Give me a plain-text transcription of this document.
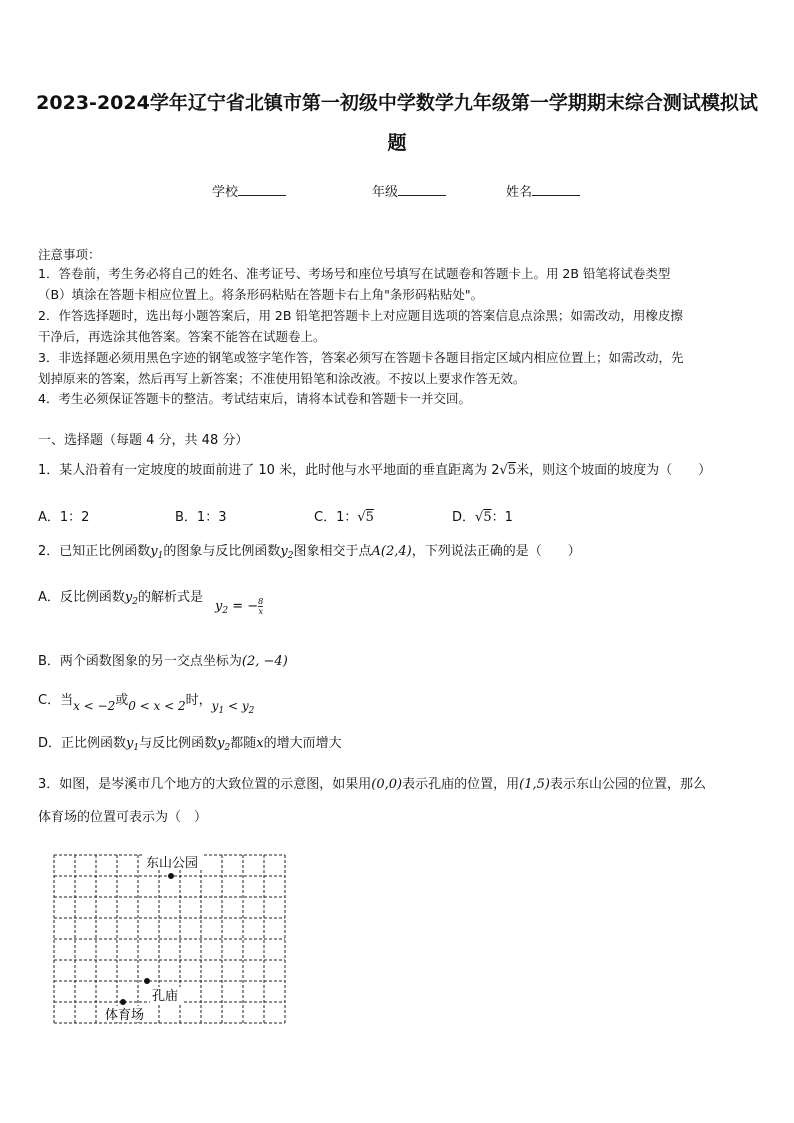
2023-2024学年辽宁省北镇市第一初级中学数学九年级第一学期期末综合测试模拟试
题
学校	年级	姓名
注意事项：
1．答卷前，考生务必将自己的姓名、准考证号、考场号和座位号填写在试题卷和答题卡上。用 2B 铅笔将试卷类型
（B）填涂在答题卡相应位置上。将条形码粘贴在答题卡右上角"条形码粘贴处"。
2．作答选择题时，选出每小题答案后，用 2B 铅笔把答题卡上对应题目选项的答案信息点涂黑；如需改动，用橡皮擦
干净后，再选涂其他答案。答案不能答在试题卷上。
3．非选择题必须用黑色字迹的钢笔或签字笔作答，答案必须写在答题卡各题目指定区域内相应位置上；如需改动，先
划掉原来的答案，然后再写上新答案；不准使用铅笔和涂改液。不按以上要求作答无效。
4．考生必须保证答题卡的整洁。考试结束后，请将本试卷和答题卡一并交回。
一、选择题（每题 4 分，共 48 分）
1．某人沿着有一定坡度的坡面前进了 10 米，此时他与水平地面的垂直距离为 2√5米，则这个坡面的坡度为（　　）
A．1：2	B．1：3	C．1：√5	D．√5：1
2．已知正比例函数$y_1$的图象与反比例函数$y_2$图象相交于点A(2,4)，下列说法正确的是（　　）
A．反比例函数$y_2$的解析式是
$y_2$ = − $\frac{8}{x}$
B．两个函数图象的另一交点坐标为(2, −4)
C．当x < −2或0 < x < 2时，$y_1 < y_2$
D．正比例函数$y_1$与反比例函数$y_2$都随x的增大而增大
3．如图，是岑溪市几个地方的大致位置的示意图，如果用(0,0)表示孔庙的位置，用(1,5)表示东山公园的位置，那么
体育场的位置可表示为（　）
东山公园
孔庙
体育场
